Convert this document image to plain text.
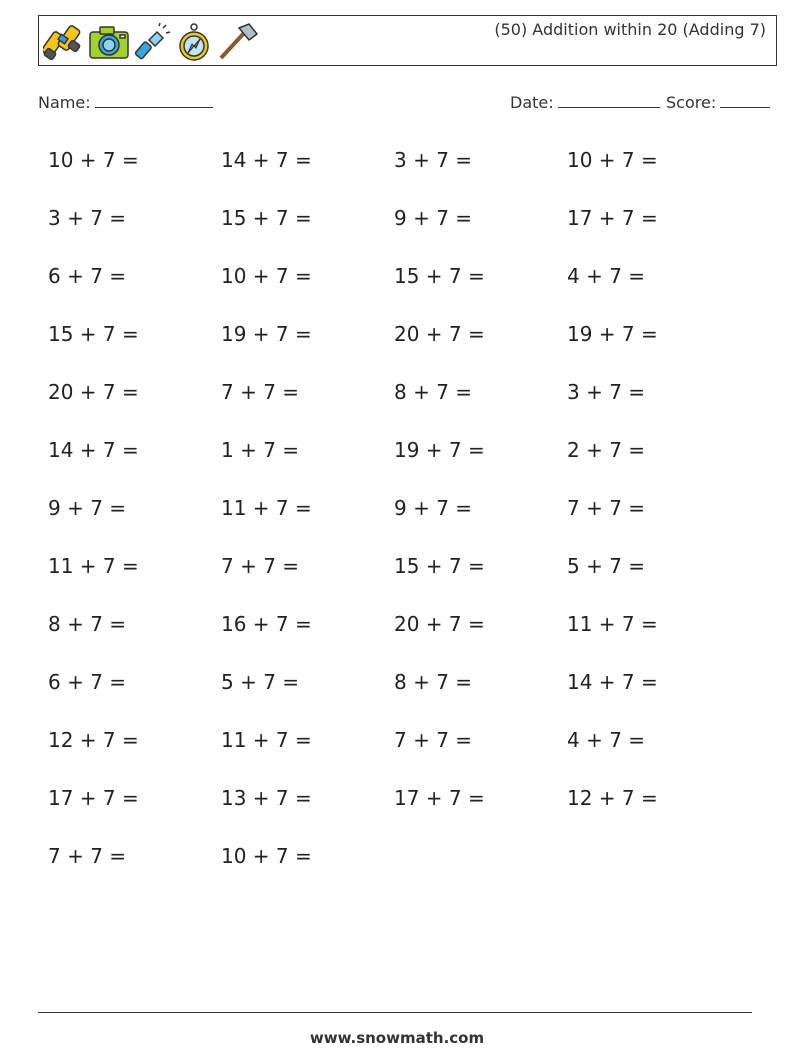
(50) Addition within 20 (Adding 7)
Name:	Date:	Score:
10 + 7 =	14 + 7 =	3 + 7 =	10 + 7 =
3 + 7 =	15 + 7 =	9 + 7 =	17 + 7 =
6 + 7 =	10 + 7 =	15 + 7 =	4 + 7 =
15 + 7 =	19 + 7 =	20 + 7 =	19 + 7 =
20 + 7 =	7 + 7 =	8 + 7 =	3 + 7 =
14 + 7 =	1 + 7 =	19 + 7 =	2 + 7 =
9 + 7 =	11 + 7 =	9 + 7 =	7 + 7 =
11 + 7 =	7 + 7 =	15 + 7 =	5 + 7 =
8 + 7 =	16 + 7 =	20 + 7 =	11 + 7 =
6 + 7 =	5 + 7 =	8 + 7 =	14 + 7 =
12 + 7 =	11 + 7 =	7 + 7 =	4 + 7 =
17 + 7 =	13 + 7 =	17 + 7 =	12 + 7 =
7 + 7 =	10 + 7 =
www.snowmath.com
